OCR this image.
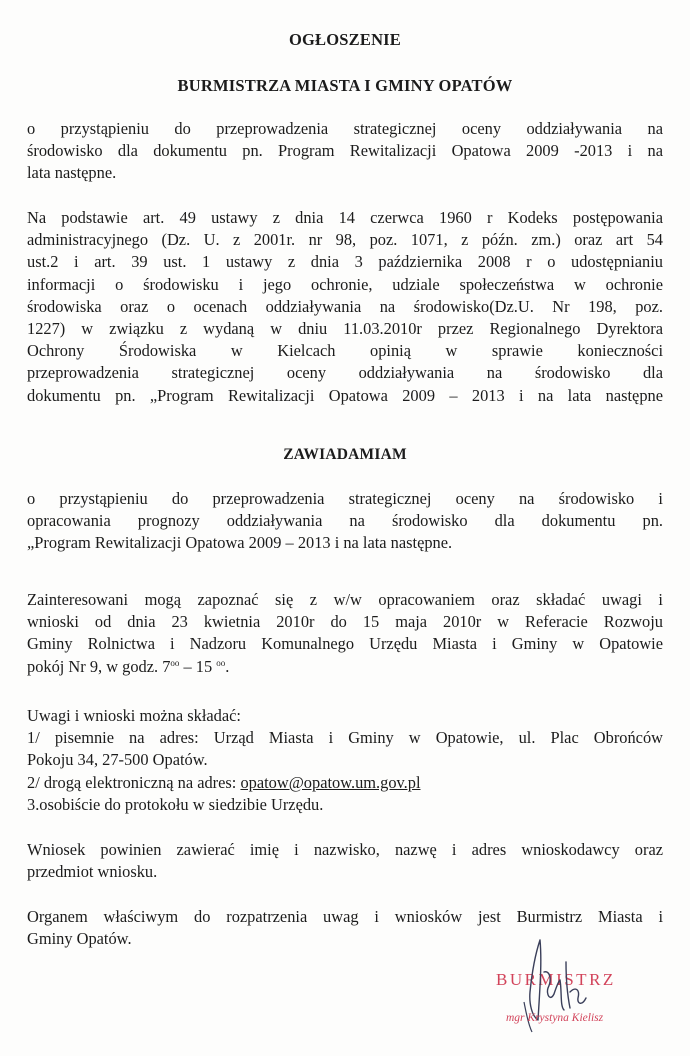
OGŁOSZENIE
BURMISTRZA MIASTA I GMINY OPATÓW
o przystąpieniu do przeprowadzenia strategicznej oceny oddziaływania na
środowisko dla dokumentu pn. Program Rewitalizacji Opatowa 2009 -2013 i na
lata następne.
Na podstawie art. 49 ustawy z dnia 14 czerwca 1960 r Kodeks postępowania
administracyjnego (Dz. U. z 2001r. nr 98, poz. 1071, z późn. zm.) oraz art 54
ust.2 i art. 39 ust. 1 ustawy z dnia 3 października 2008 r o udostępnianiu
informacji o środowisku i jego ochronie, udziale społeczeństwa w ochronie
środowiska oraz o ocenach oddziaływania na środowisko(Dz.U. Nr 198, poz.
1227) w związku z wydaną w dniu 11.03.2010r przez Regionalnego Dyrektora
Ochrony Środowiska w Kielcach opinią w sprawie konieczności
przeprowadzenia strategicznej oceny oddziaływania na środowisko dla
dokumentu pn. „Program Rewitalizacji Opatowa 2009 – 2013 i na lata następne
ZAWIADAMIAM
o przystąpieniu do przeprowadzenia strategicznej oceny na środowisko i
opracowania prognozy oddziaływania na środowisko dla dokumentu pn.
„Program Rewitalizacji Opatowa 2009 – 2013 i na lata następne.
Zainteresowani mogą zapoznać się z w/w opracowaniem oraz składać uwagi i
wnioski od dnia 23 kwietnia 2010r do 15 maja 2010r w Referacie Rozwoju
Gminy Rolnictwa i Nadzoru Komunalnego Urzędu Miasta i Gminy w Opatowie
pokój Nr 9, w godz. $7^{oo} - 15$ $^{oo}$.
Uwagi i wnioski można składać:
1/ pisemnie na adres: Urząd Miasta i Gminy w Opatowie, ul. Plac Obrońców
Pokoju 34, 27-500 Opatów.
2/ drogą elektroniczną na adres: opatow@opatow.um.gov.pl
3.osobiście do protokołu w siedzibie Urzędu.
Wniosek powinien zawierać imię i nazwisko, nazwę i adres wnioskodawcy oraz
przedmiot wniosku.
Organem właściwym do rozpatrzenia uwag i wniosków jest Burmistrz Miasta i
Gminy Opatów.
BURMISTRZ
mgr Krystyna Kielisz
